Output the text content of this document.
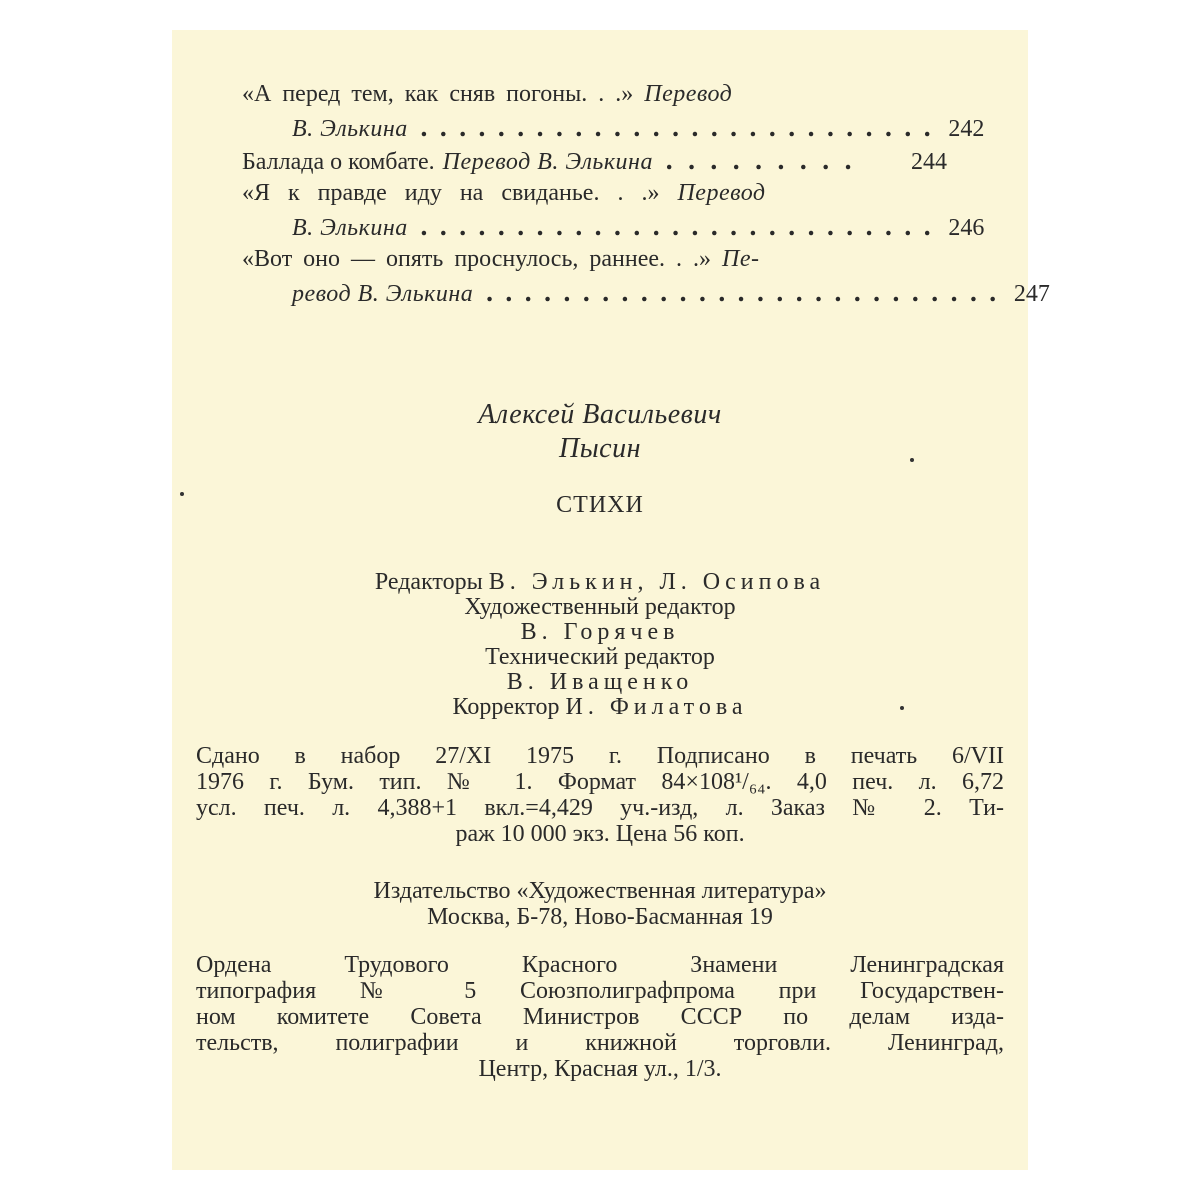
«А перед тем, как сняв погоны. . .» Перевод
В. Элькина ........................... 242
Баллада о комбате. Перевод В. Элькина .........	244
«Я к правде иду на свиданье. . .» Перевод
В. Элькина ........................... 246
«Вот оно — опять проснулось, раннее. . .» Пе-
ревод В. Элькина ........................... 247
Алексей Васильевич
Пысин
СТИХИ
Редакторы В. Элькин, Л. Осипова
Художественный редактор
В. Горячев
Технический редактор
В. Иващенко
Корректор И. Филатова
Сдано в набор 27/XI 1975 г. Подписано в печать 6/VII
1976 г. Бум. тип. № 1. Формат 84×108¹/₆₄. 4,0 печ. л. 6,72
усл. печ. л. 4,388+1 вкл.=4,429 уч.-изд, л. Заказ № 2. Ти-
раж 10 000 экз. Цена 56 коп.
Издательство «Художественная литература»
Москва, Б-78, Ново-Басманная 19
Ордена Трудового Красного Знамени Ленинградская
типография № 5 Союзполиграфпрома при Государствен-
ном комитете Совета Министров СССР по делам изда-
тельств, полиграфии и книжной торговли. Ленинград,
Центр, Красная ул., 1/3.
